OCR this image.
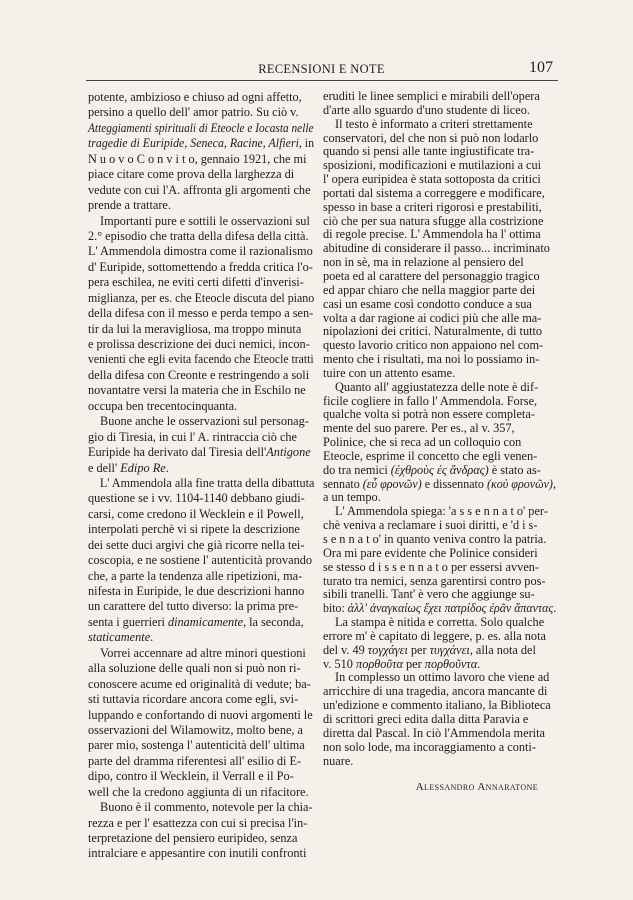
RECENSIONI E NOTE	107
potente, ambizioso e chiuso ad ogni affetto,
persino a quello dell' amor patrio. Su ciò v.
Atteggiamenti spirituali di Eteocle e Iocasta nelle
tragedie di Euripide, Seneca, Racine, Alfieri, in
N u o v o C o n v i t o, gennaio 1921, che mi
piace citare come prova della larghezza di
vedute con cui l'A. affronta gli argomenti che
prende a trattare.
Importanti pure e sottili le osservazioni sul
2.° episodio che tratta della difesa della città.
L' Ammendola dimostra come il razionalismo
d' Euripide, sottomettendo a fredda critica l'o-
pera eschilea, ne eviti certi difetti d'inverisi-
miglianza, per es. che Eteocle discuta del piano
della difesa con il messo e perda tempo a sen-
tir da lui la meravigliosa, ma troppo minuta
e prolissa descrizione dei duci nemici, incon-
venienti che egli evita facendo che Eteocle tratti
della difesa con Creonte e restringendo a soli
novantatre versi la materia che in Eschilo ne
occupa ben trecentocinquanta.
Buone anche le osservazioni sul personag-
gio di Tiresia, in cui l' A. rintraccia ciò che
Euripide ha derivato dal Tiresia dell'Antigone
e dell' Edipo Re.
L' Ammendola alla fine tratta della dibattuta
questione se i vv. 1104-1140 debbano giudi-
carsi, come credono il Wecklein e il Powell,
interpolati perchè vi si ripete la descrizione
dei sette duci argivi che già ricorre nella tei-
coscopia, e ne sostiene l' autenticità provando
che, a parte la tendenza alle ripetizioni, ma-
nifesta in Euripide, le due descrizioni hanno
un carattere del tutto diverso: la prima pre-
senta i guerrieri dinamicamente, la seconda,
staticamente.
Vorrei accennare ad altre minori questioni
alla soluzione delle quali non si può non ri-
conoscere acume ed originalità di vedute; ba-
sti tuttavia ricordare ancora come egli, svi-
luppando e confortando di nuovi argomenti le
osservazioni del Wilamowitz, molto bene, a
parer mio, sostenga l' autenticità dell' ultima
parte del dramma riferentesi all' esilio di E-
dipo, contro il Wecklein, il Verrall e il Po-
well che la credono aggiunta di un rifacitore.
Buono è il commento, notevole per la chia-
rezza e per l' esattezza con cui si precisa l'in-
terpretazione del pensiero euripideo, senza
intralciare e appesantire con inutili confronti
eruditi le linee semplici e mirabili dell'opera
d'arte allo sguardo d'uno studente di liceo.
Il testo è informato a criteri strettamente
conservatori, del che non si può non lodarlo
quando si pensi alle tante ingiustificate tra-
sposizioni, modificazioni e mutilazioni a cui
l' opera euripidea è stata sottoposta da critici
portati dal sistema a correggere e modificare,
spesso in base a criteri rigorosi e prestabiliti,
ciò che per sua natura sfugge alla costrizione
di regole precise. L' Ammendola ha l' ottima
abitudine di considerare il passo... incriminato
non in sè, ma in relazione al pensiero del
poeta ed al carattere del personaggio tragico
ed appar chiaro che nella maggior parte dei
casi un esame così condotto conduce a sua
volta a dar ragione ai codici più che alle ma-
nipolazioni dei critici. Naturalmente, di tutto
questo lavorio critico non appaiono nel com-
mento che i risultati, ma noi lo possiamo in-
tuire con un attento esame.
Quanto all' aggiustatezza delle note è dif-
ficile cogliere in fallo l' Ammendola. Forse,
qualche volta si potrà non essere completa-
mente del suo parere. Per es., al v. 357,
Polinice, che si reca ad un colloquio con
Eteocle, esprime il concetto che egli venen-
do tra nemici (ἐχθροὺς ἐς ἄνδρας) è stato as-
sennato (εὖ φρονῶν) e dissennato (κοὐ φρονῶν),
a un tempo.
L' Ammendola spiega: 'a s s e n n a t o' per-
chè veniva a reclamare i suoi diritti, e 'd i s-
s e n n a t o' in quanto veniva contro la patria.
Ora mi pare evidente che Polinice consideri
se stesso d i s s e n n a t o per essersi avven-
turato tra nemici, senza garentirsi contro pos-
sibili tranelli. Tant' è vero che aggiunge su-
bito: ἀλλ' ἀναγκαίως ἔχει πατρίδος ἐρᾶν ἅπαντας.
La stampa è nitida e corretta. Solo qualche
errore m' è capitato di leggere, p. es. alla nota
del v. 49 τογχάγει per τυγχάνει, alla nota del
v. 510 πορθοῦτα per πορθοῦντα.
In complesso un ottimo lavoro che viene ad
arricchire di una tragedia, ancora mancante di
un'edizione e commento italiano, la Biblioteca
di scrittori greci edita dalla ditta Paravia e
diretta dal Pascal. In ciò l'Ammendola merita
non solo lode, ma incoraggiamento a conti-
nuare.
Alessandro Annaratone
